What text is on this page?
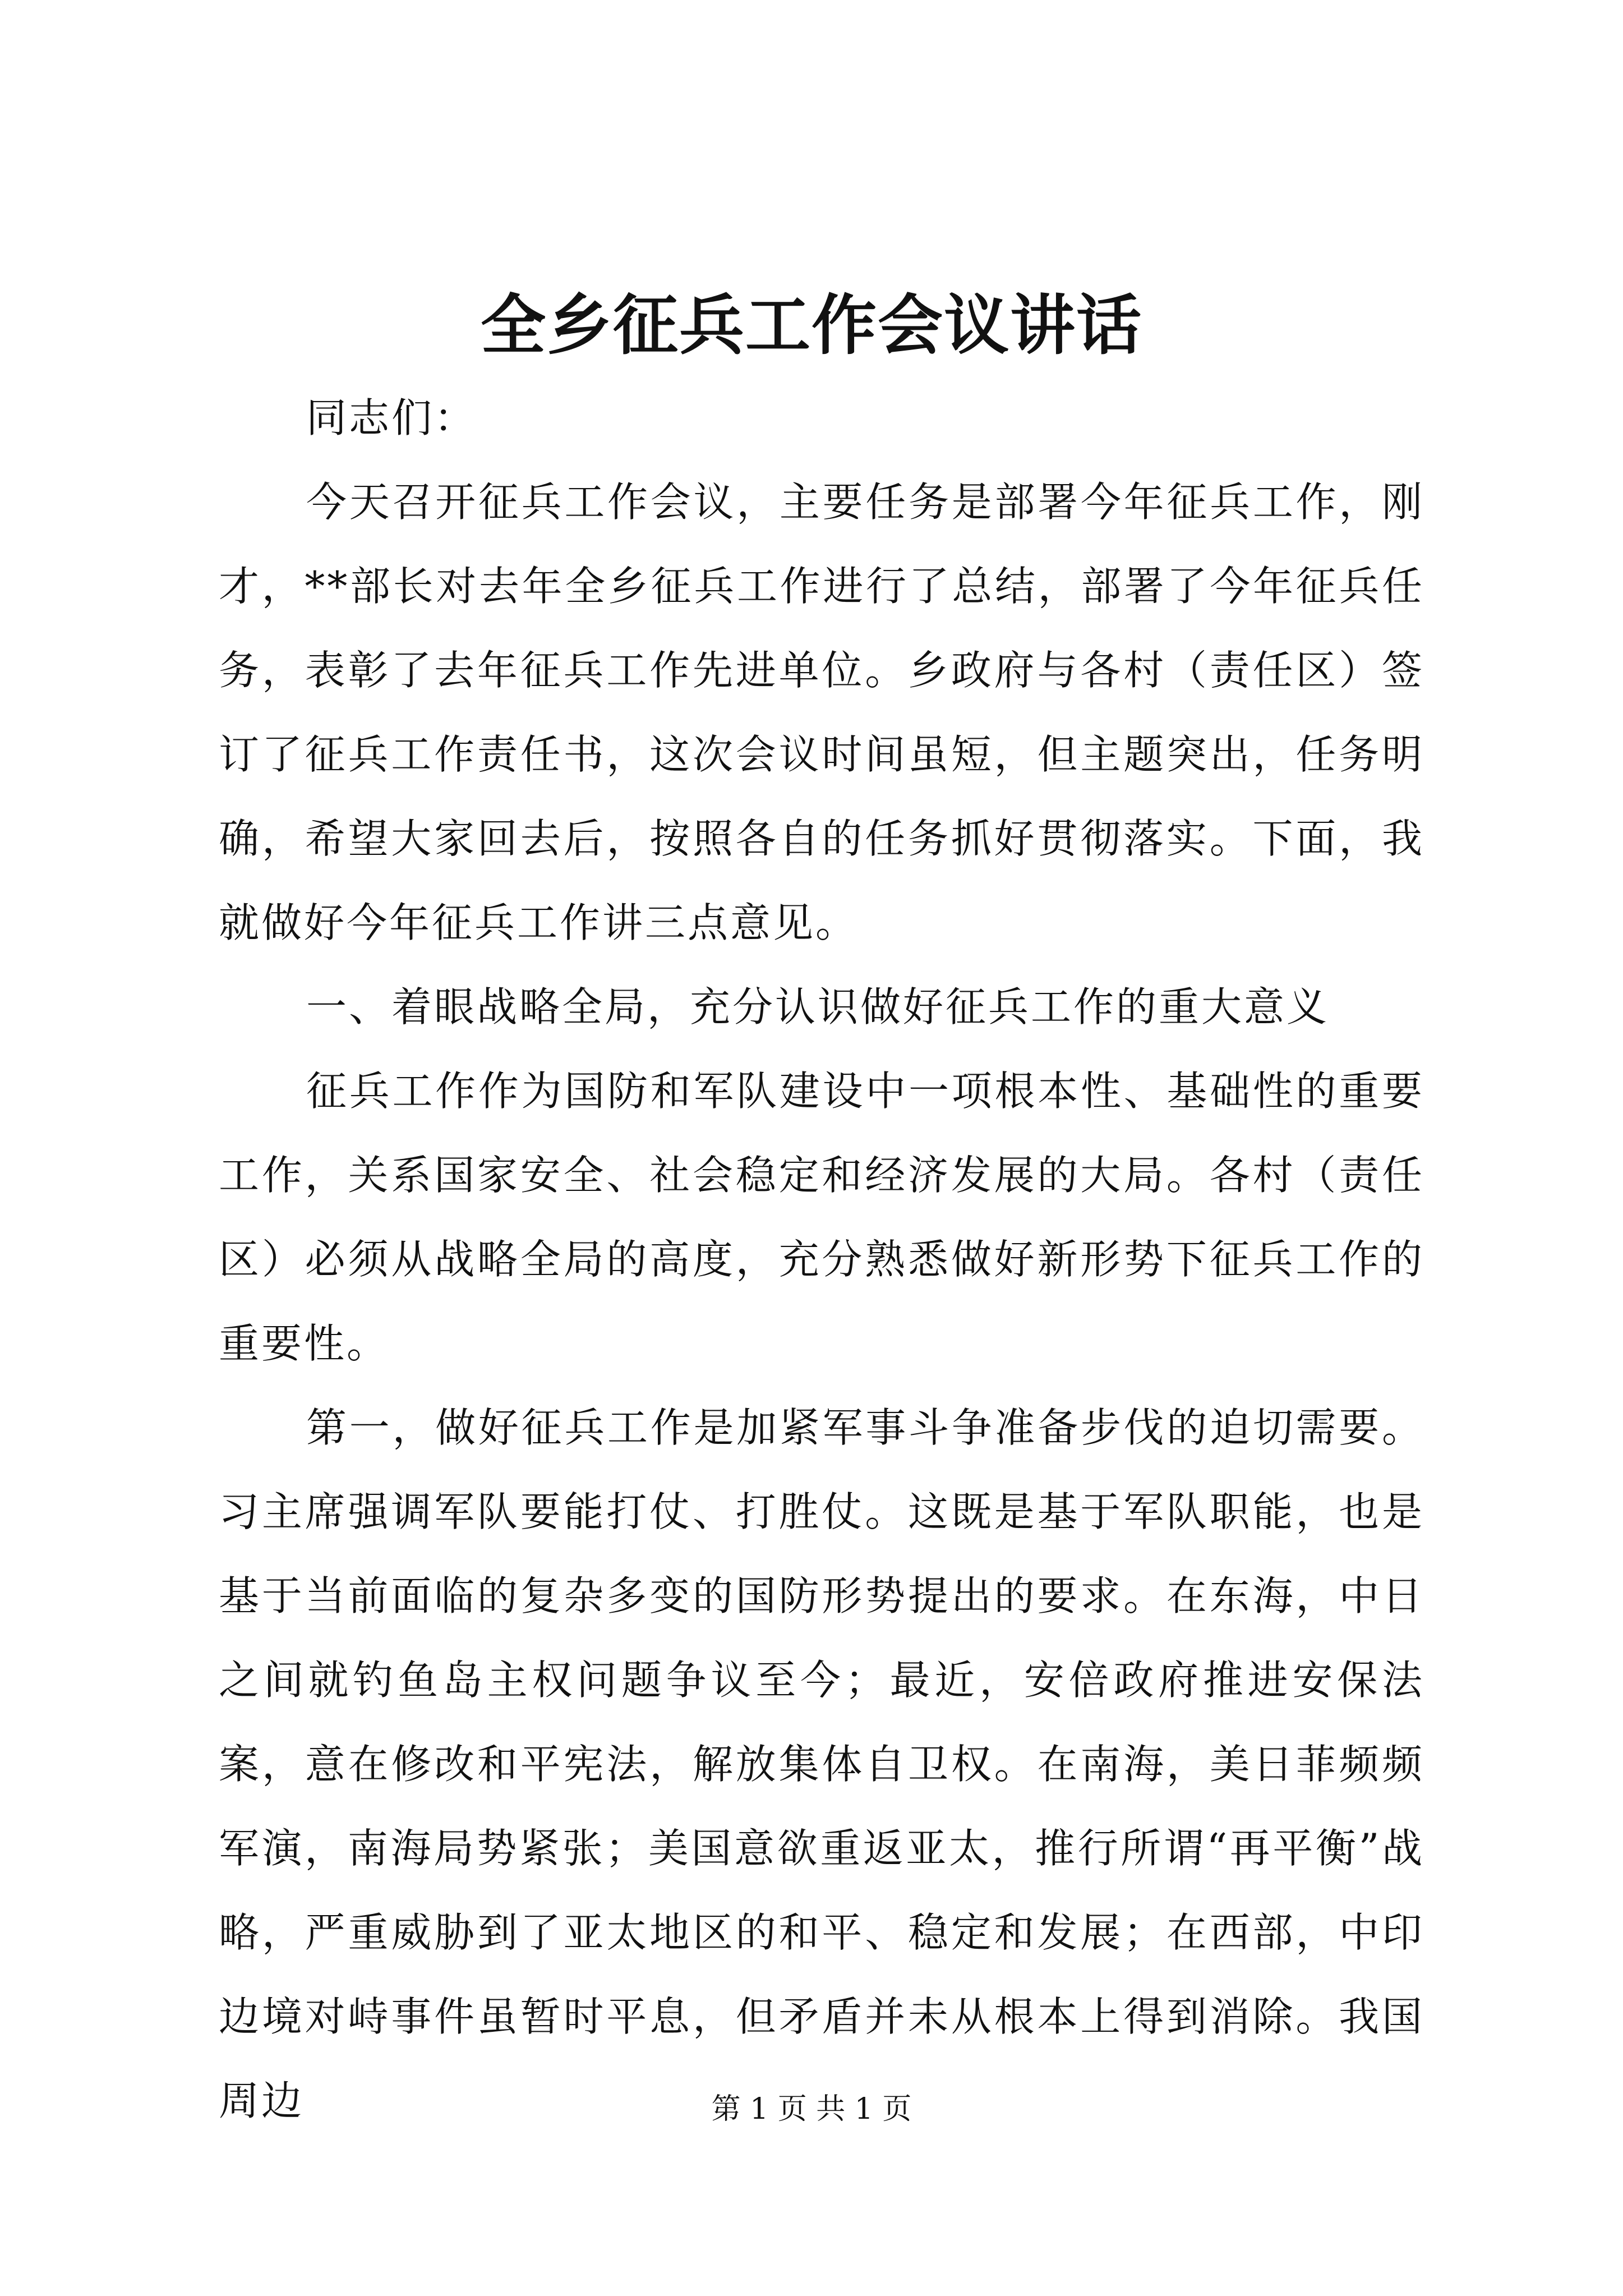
全乡征兵工作会议讲话

同志们：

今天召开征兵工作会议，主要任务是部署今年征兵工作，刚才，**部长对去年全乡征兵工作进行了总结，部署了今年征兵任务，表彰了去年征兵工作先进单位。乡政府与各村（责任区）签订了征兵工作责任书，这次会议时间虽短，但主题突出，任务明确，希望大家回去后，按照各自的任务抓好贯彻落实。下面，我就做好今年征兵工作讲三点意见。

一、着眼战略全局，充分认识做好征兵工作的重大意义

征兵工作作为国防和军队建设中一项根本性、基础性的重要工作，关系国家安全、社会稳定和经济发展的大局。各村（责任区）必须从战略全局的高度，充分熟悉做好新形势下征兵工作的重要性。

第一，做好征兵工作是加紧军事斗争准备步伐的迫切需要。习主席强调军队要能打仗、打胜仗。这既是基于军队职能，也是基于当前面临的复杂多变的国防形势提出的要求。在东海，中日之间就钓鱼岛主权问题争议至今；最近，安倍政府推进安保法案，意在修改和平宪法，解放集体自卫权。在南海，美日菲频频军演，南海局势紧张；美国意欲重返亚太，推行所谓“再平衡”战略，严重威胁到了亚太地区的和平、稳定和发展；在西部，中印边境对峙事件虽暂时平息，但矛盾并未从根本上得到消除。我国周边	第 1 页 共 1 页
